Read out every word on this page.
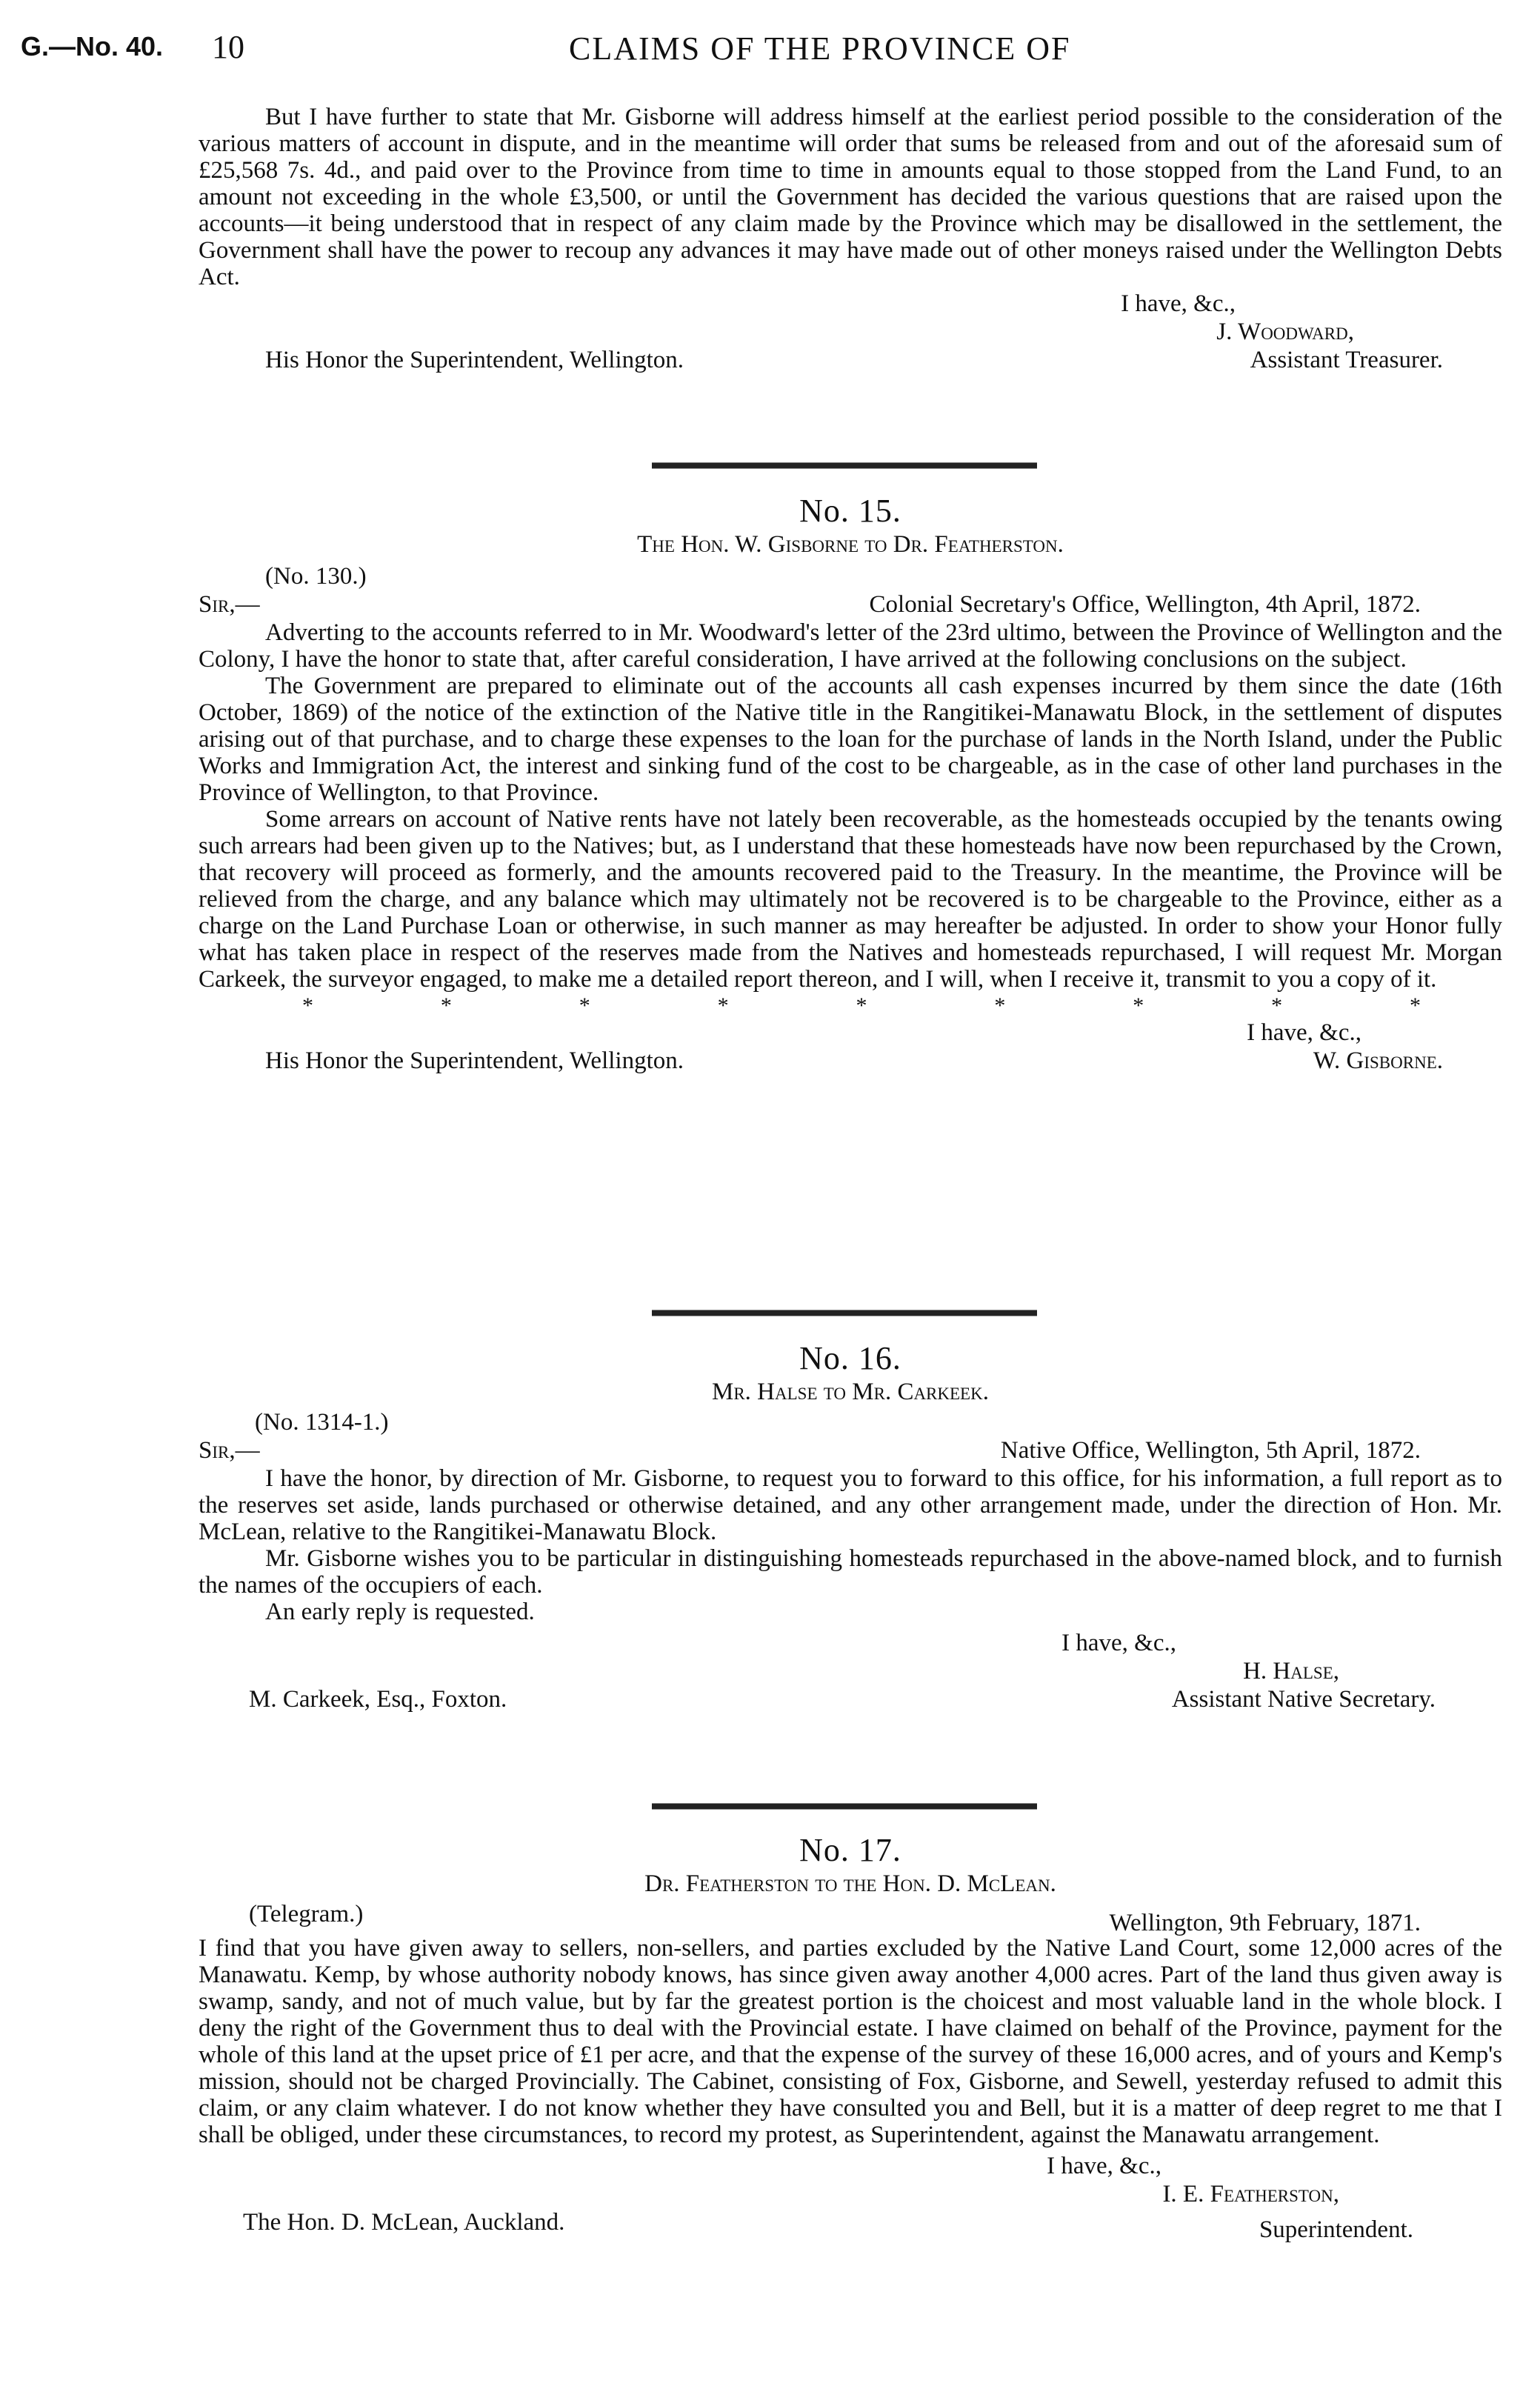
G.—No. 40. 10	CLAIMS OF THE PROVINCE OF

But I have further to state that Mr. Gisborne will address himself at the earliest period possible to the consideration of the various matters of account in dispute, and in the meantime will order that sums be released from and out of the aforesaid sum of £25,568 7s. 4d., and paid over to the Province from time to time in amounts equal to those stopped from the Land Fund, to an amount not exceeding in the whole £3,500, or until the Government has decided the various questions that are raised upon the accounts—it being understood that in respect of any claim made by the Province which may be disallowed in the settlement, the Government shall have the power to recoup any advances it may have made out of other moneys raised under the Wellington Debts Act.

I have, &c.,
J. Woodward,
His Honor the Superintendent, Wellington.	Assistant Treasurer.
No. 15.
The Hon. W. Gisborne to Dr. Featherston.
(No. 130.)
Sir,—	Colonial Secretary's Office, Wellington, 4th April, 1872.

Adverting to the accounts referred to in Mr. Woodward's letter of the 23rd ultimo, between the Province of Wellington and the Colony, I have the honor to state that, after careful consideration, I have arrived at the following conclusions on the subject.

The Government are prepared to eliminate out of the accounts all cash expenses incurred by them since the date (16th October, 1869) of the notice of the extinction of the Native title in the Rangitikei-Manawatu Block, in the settlement of disputes arising out of that purchase, and to charge these expenses to the loan for the purchase of lands in the North Island, under the Public Works and Immigration Act, the interest and sinking fund of the cost to be chargeable, as in the case of other land purchases in the Province of Wellington, to that Province.

Some arrears on account of Native rents have not lately been recoverable, as the homesteads occupied by the tenants owing such arrears had been given up to the Natives; but, as I understand that these homesteads have now been repurchased by the Crown, that recovery will proceed as formerly, and the amounts recovered paid to the Treasury. In the meantime, the Province will be relieved from the charge, and any balance which may ultimately not be recovered is to be chargeable to the Province, either as a charge on the Land Purchase Loan or otherwise, in such manner as may hereafter be adjusted. In order to show your Honor fully what has taken place in respect of the reserves made from the Natives and homesteads repurchased, I will request Mr. Morgan Carkeek, the surveyor engaged, to make me a detailed report thereon, and I will, when I receive it, transmit to you a copy of it.

*	*	*	*	*	*	*	*	*
I have, &c.,
His Honor the Superintendent, Wellington.	W. Gisborne.
No. 16.
Mr. Halse to Mr. Carkeek.
(No. 1314-1.)
Sir,—	Native Office, Wellington, 5th April, 1872.

I have the honor, by direction of Mr. Gisborne, to request you to forward to this office, for his information, a full report as to the reserves set aside, lands purchased or otherwise detained, and any other arrangement made, under the direction of Hon. Mr. McLean, relative to the Rangitikei-Manawatu Block.

Mr. Gisborne wishes you to be particular in distinguishing homesteads repurchased in the above-named block, and to furnish the names of the occupiers of each.

An early reply is requested.

I have, &c.,
H. Halse,
M. Carkeek, Esq., Foxton.	Assistant Native Secretary.
No. 17.
Dr. Featherston to the Hon. D. McLean.
(Telegram.)	Wellington, 9th February, 1871.

I find that you have given away to sellers, non-sellers, and parties excluded by the Native Land Court, some 12,000 acres of the Manawatu. Kemp, by whose authority nobody knows, has since given away another 4,000 acres. Part of the land thus given away is swamp, sandy, and not of much value, but by far the greatest portion is the choicest and most valuable land in the whole block. I deny the right of the Government thus to deal with the Provincial estate. I have claimed on behalf of the Province, payment for the whole of this land at the upset price of £1 per acre, and that the expense of the survey of these 16,000 acres, and of yours and Kemp's mission, should not be charged Provincially. The Cabinet, consisting of Fox, Gisborne, and Sewell, yesterday refused to admit this claim, or any claim whatever. I do not know whether they have consulted you and Bell, but it is a matter of deep regret to me that I shall be obliged, under these circumstances, to record my protest, as Superintendent, against the Manawatu arrangement.

I have, &c.,
I. E. Featherston,
The Hon. D. McLean, Auckland.	Superintendent.
